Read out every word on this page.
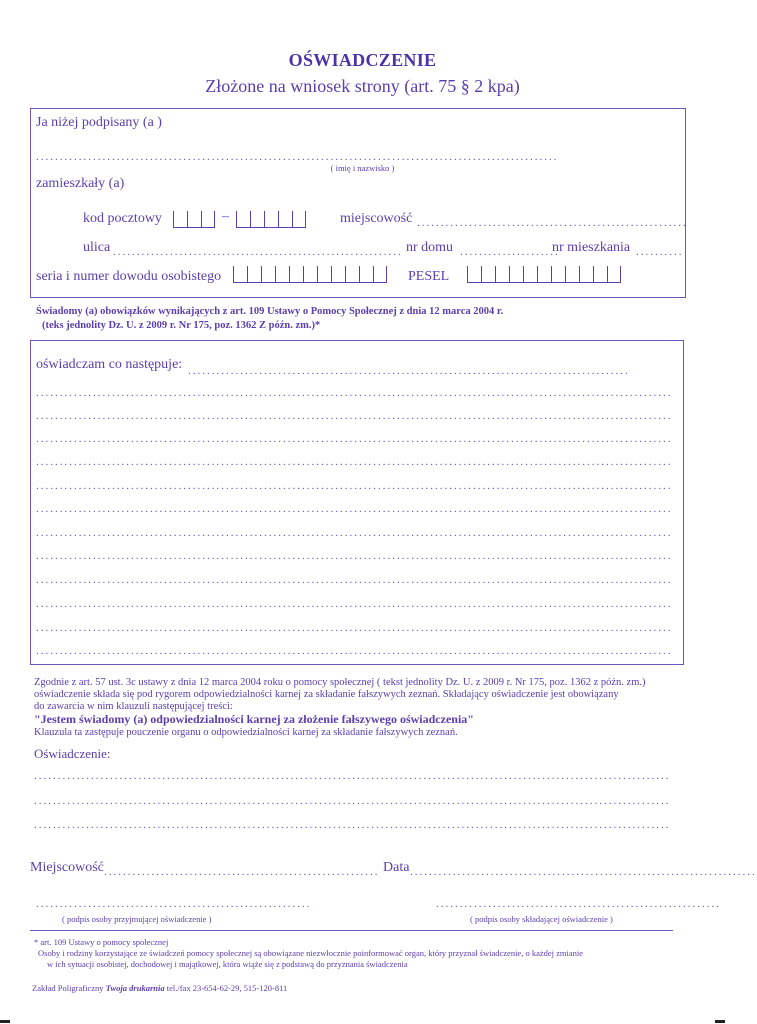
OŚWIADCZENIE
Złożone na wniosek strony (art. 75 § 2 kpa)
Ja niżej podpisany (a )
..............................................................................................................
( imię i nazwisko )
zamieszkały (a)
kod pocztowy	–	miejscowość .........................................................
ulica ............................................................. nr domu .....................
nr mieszkania ..........
seria i numer dowodu osobistego	PESEL
Świadomy (a) obowiązków wynikających z art. 109 Ustawy o Pomocy Społecznej z dnia 12 marca 2004 r.
(teks jednolity Dz. U. z 2009 r. Nr 175, poz. 1362 Z późn. zm.)*
oświadczam co następuje: .............................................................................................
......................................................................................................................................
......................................................................................................................................
......................................................................................................................................
......................................................................................................................................
......................................................................................................................................
......................................................................................................................................
......................................................................................................................................
......................................................................................................................................
......................................................................................................................................
......................................................................................................................................
......................................................................................................................................
......................................................................................................................................
Zgodnie z art. 57 ust. 3c ustawy z dnia 12 marca 2004 roku o pomocy społecznej ( tekst jednolity Dz. U. z 2009 r. Nr 175, poz. 1362 z późn. zm.)
oświadczenie składa się pod rygorem odpowiedzialności karnej za składanie fałszywych zeznań. Składający oświadczenie jest obowiązany
do zawarcia w nim klauzuli następującej treści:
"Jestem świadomy (a) odpowiedzialności karnej za złożenie fałszywego oświadczenia"
Klauzula ta zastępuje pouczenie organu o odpowiedzialności karnej za składanie fałszywych zeznań.
Oświadczenie:
......................................................................................................................................
......................................................................................................................................
......................................................................................................................................
Miejscowość .......................................................... Data .........................................................................
..........................................................
( podpis osoby przyjmującej oświadczenie )
............................................................
( podpis osoby składającej oświadczenie )
* art. 109 Ustawy o pomocy społecznej
Osoby i rodziny korzystające ze świadczeń pomocy społecznej są obowiązane niezwłocznie poinformować organ, który przyznał świadczenie, o każdej zmianie
w ich sytuacji osobistej, dochodowej i majątkowej, która wiąże się z podstawą do przyznania świadczenia
Zakład Poligraficzny Twoja drukarnia tel./fax 23-654-62-29, 515-120-811
